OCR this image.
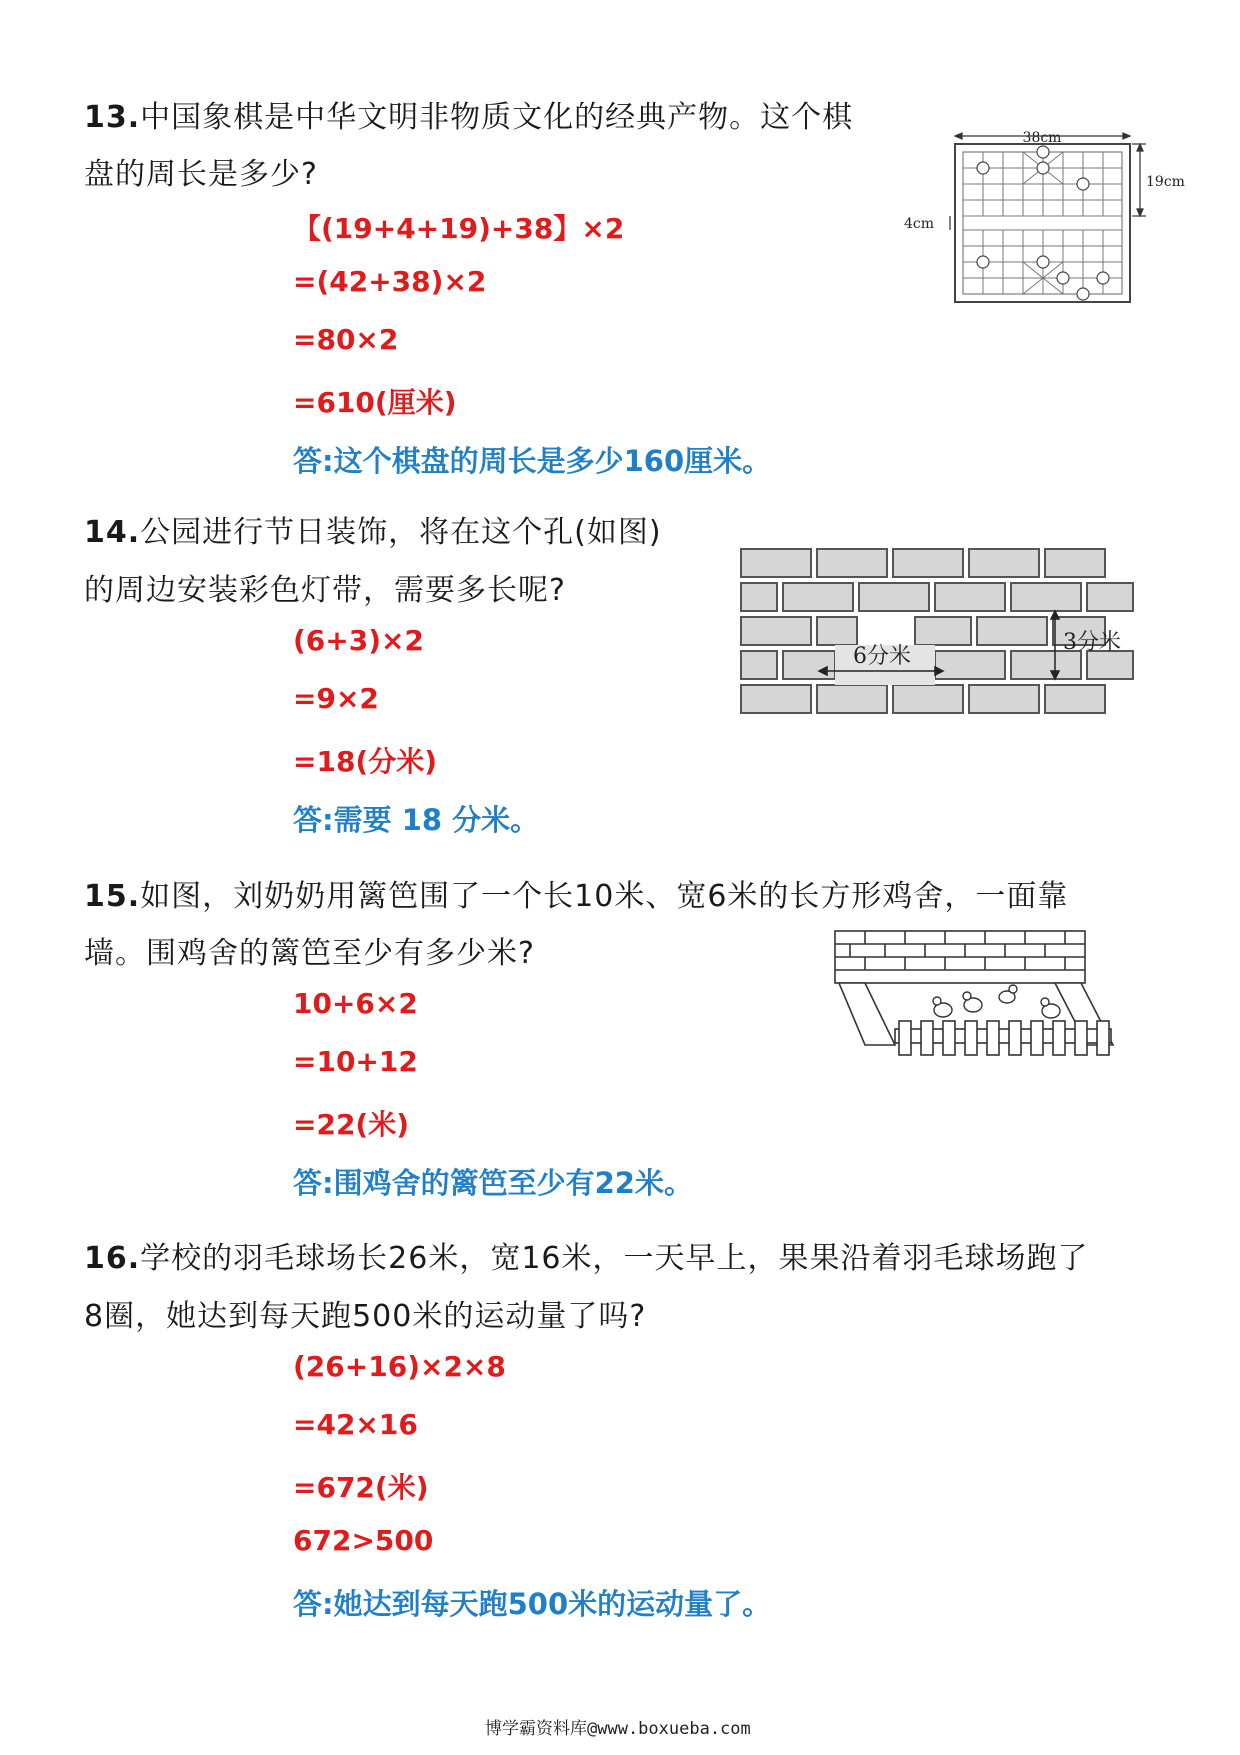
13.中国象棋是中华文明非物质文化的经典产物。这个棋
盘的周长是多少?
【(19+4+19)+38】×2
=(42+38)×2
=80×2
=610(厘米)
答:这个棋盘的周长是多少160厘米。
38cm
19cm
4cm
14.公园进行节日装饰，将在这个孔(如图)
的周边安装彩色灯带，需要多长呢?
(6+3)×2
=9×2
=18(分米)
答:需要 18 分米。
6分米
3分米
15.如图，刘奶奶用篱笆围了一个长10米、宽6米的长方形鸡舍，一面靠
墙。围鸡舍的篱笆至少有多少米?
10+6×2
=10+12
=22(米)
答:围鸡舍的篱笆至少有22米。
16.学校的羽毛球场长26米，宽16米，一天早上，果果沿着羽毛球场跑了
8圈，她达到每天跑500米的运动量了吗?
(26+16)×2×8
=42×16
=672(米)
672>500
答:她达到每天跑500米的运动量了。
博学霸资料库@www.boxueba.com
